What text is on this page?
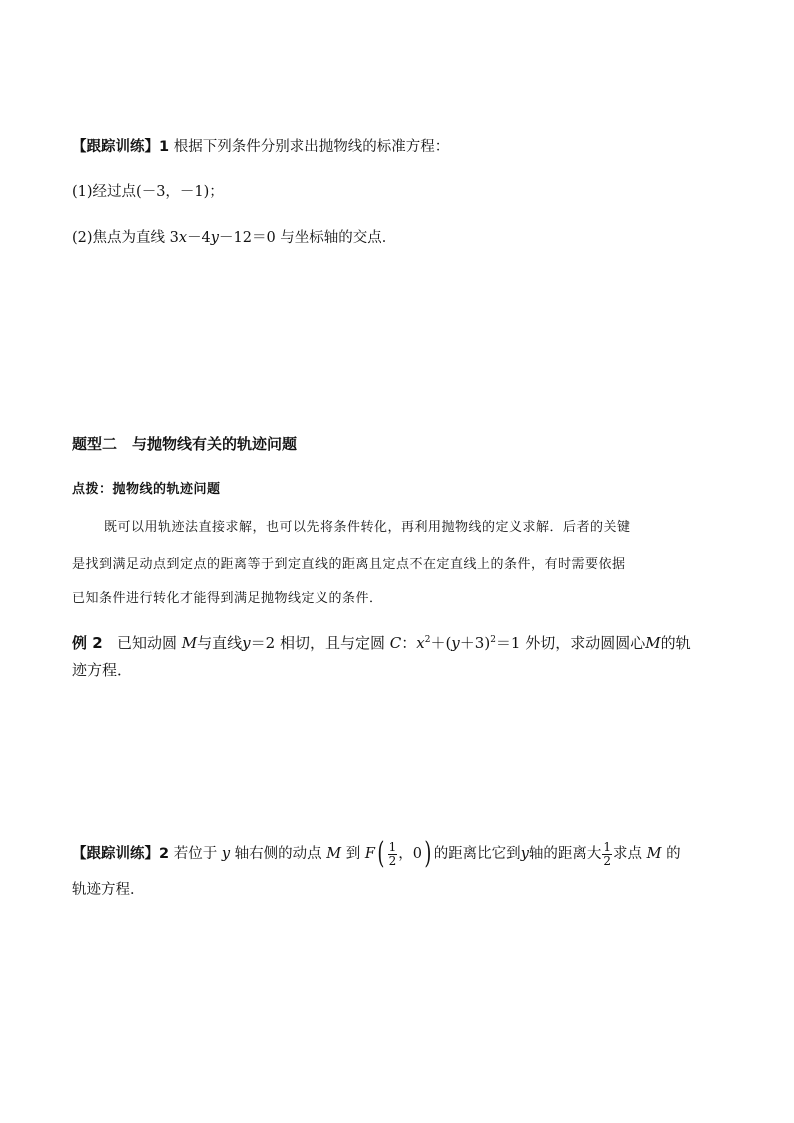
【跟踪训练】1 根据下列条件分别求出抛物线的标准方程：
(1)经过点(－3，－1)；
(2)焦点为直线 3x－4y－12＝0 与坐标轴的交点．
题型二　与抛物线有关的轨迹问题
点拨：抛物线的轨迹问题
既可以用轨迹法直接求解，也可以先将条件转化，再利用抛物线的定义求解．后者的关键
是找到满足动点到定点的距离等于到定直线的距离且定点不在定直线上的条件，有时需要依据
已知条件进行转化才能得到满足抛物线定义的条件．
例 2 已知动圆 M与直线y＝2 相切，且与定圆 C：$x^2+(y+3)^2=1$ 外切，求动圆圆心M的轨
迹方程．
【跟踪训练】2 若位于 y 轴右侧的动点 M 到 $F( \frac{1}{2}$ ，0) 的距离比它到y轴的距离大 $\frac{1}{2}$ 求点 M 的
轨迹方程．
